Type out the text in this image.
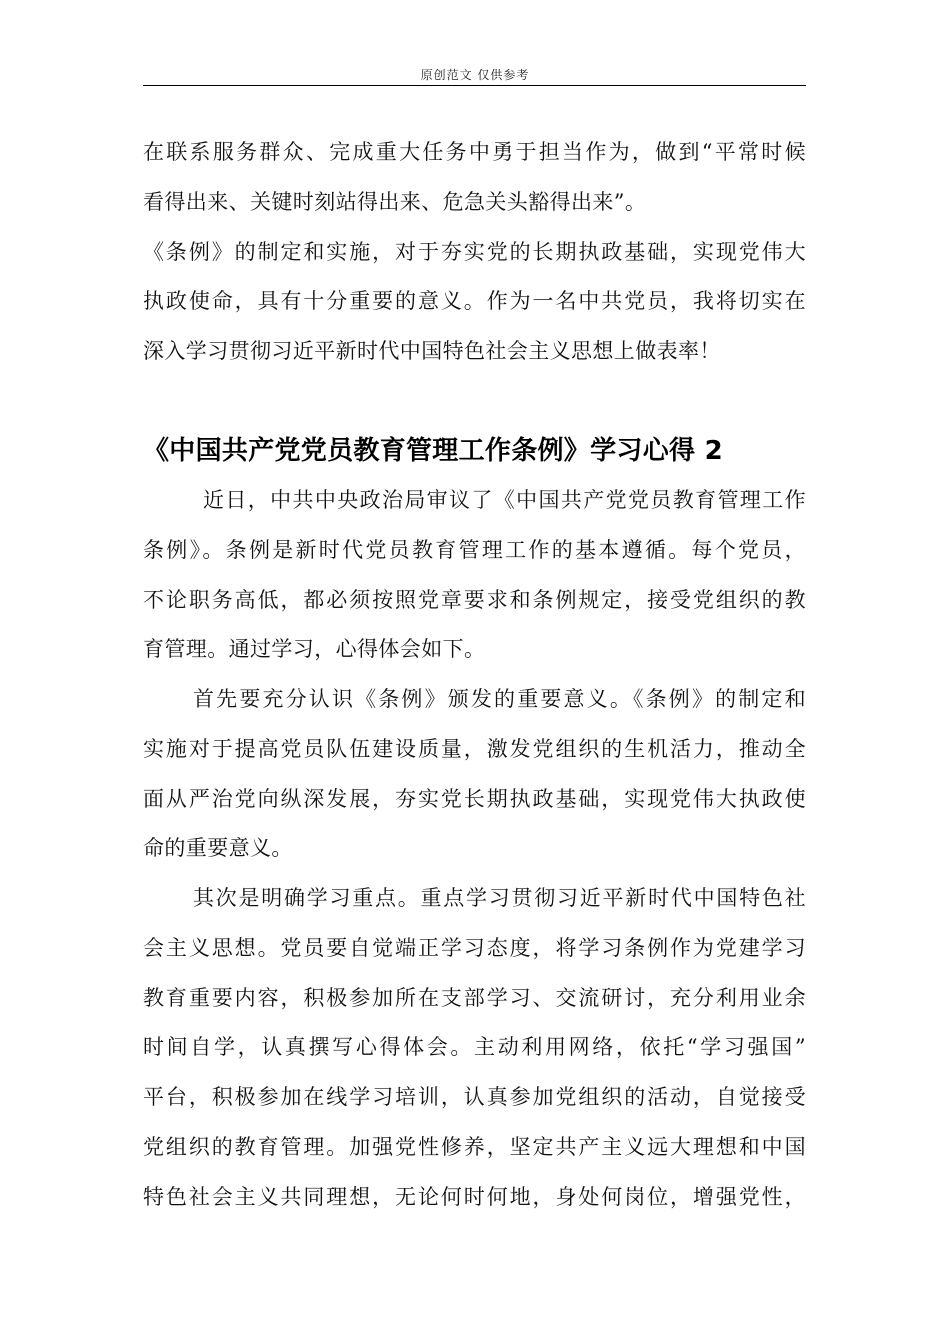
原创范文 仅供参考
在联系服务群众、完成重大任务中勇于担当作为，做到“平常时候
看得出来、关键时刻站得出来、危急关头豁得出来”。
《条例》的制定和实施，对于夯实党的长期执政基础，实现党伟大
执政使命，具有十分重要的意义。作为一名中共党员，我将切实在
深入学习贯彻习近平新时代中国特色社会主义思想上做表率！
《中国共产党党员教育管理工作条例》学习心得 2
近日，中共中央政治局审议了《中国共产党党员教育管理工作
条例》。条例是新时代党员教育管理工作的基本遵循。每个党员，
不论职务高低，都必须按照党章要求和条例规定，接受党组织的教
育管理。通过学习，心得体会如下。
首先要充分认识《条例》颁发的重要意义。《条例》的制定和
实施对于提高党员队伍建设质量，激发党组织的生机活力，推动全
面从严治党向纵深发展，夯实党长期执政基础，实现党伟大执政使
命的重要意义。
其次是明确学习重点。重点学习贯彻习近平新时代中国特色社
会主义思想。党员要自觉端正学习态度，将学习条例作为党建学习
教育重要内容，积极参加所在支部学习、交流研讨，充分利用业余
时间自学，认真撰写心得体会。主动利用网络，依托“学习强国”
平台，积极参加在线学习培训，认真参加党组织的活动，自觉接受
党组织的教育管理。加强党性修养，坚定共产主义远大理想和中国
特色社会主义共同理想，无论何时何地，身处何岗位，增强党性，
